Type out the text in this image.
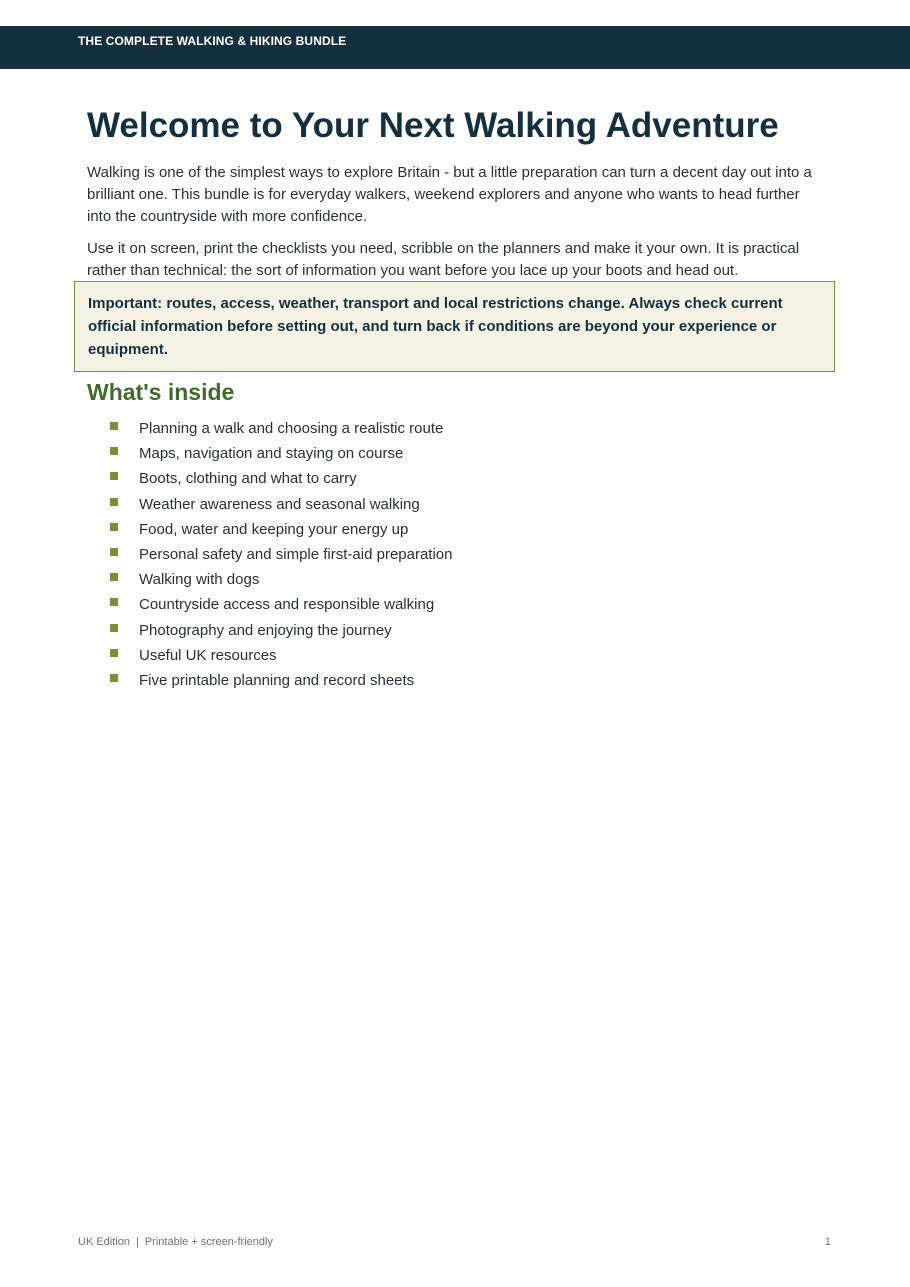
THE COMPLETE WALKING & HIKING BUNDLE
Welcome to Your Next Walking Adventure

Walking is one of the simplest ways to explore Britain - but a little preparation can turn a decent day out into a brilliant one. This bundle is for everyday walkers, weekend explorers and anyone who wants to head further into the countryside with more confidence.

Use it on screen, print the checklists you need, scribble on the planners and make it your own. It is practical rather than technical: the sort of information you want before you lace up your boots and head out.

Important: routes, access, weather, transport and local restrictions change. Always check current official information before setting out, and turn back if conditions are beyond your experience or equipment.
What's inside
Planning a walk and choosing a realistic route
Maps, navigation and staying on course
Boots, clothing and what to carry
Weather awareness and seasonal walking
Food, water and keeping your energy up
Personal safety and simple first-aid preparation
Walking with dogs
Countryside access and responsible walking
Photography and enjoying the journey
Useful UK resources
Five printable planning and record sheets
UK Edition | Printable + screen-friendly	1
